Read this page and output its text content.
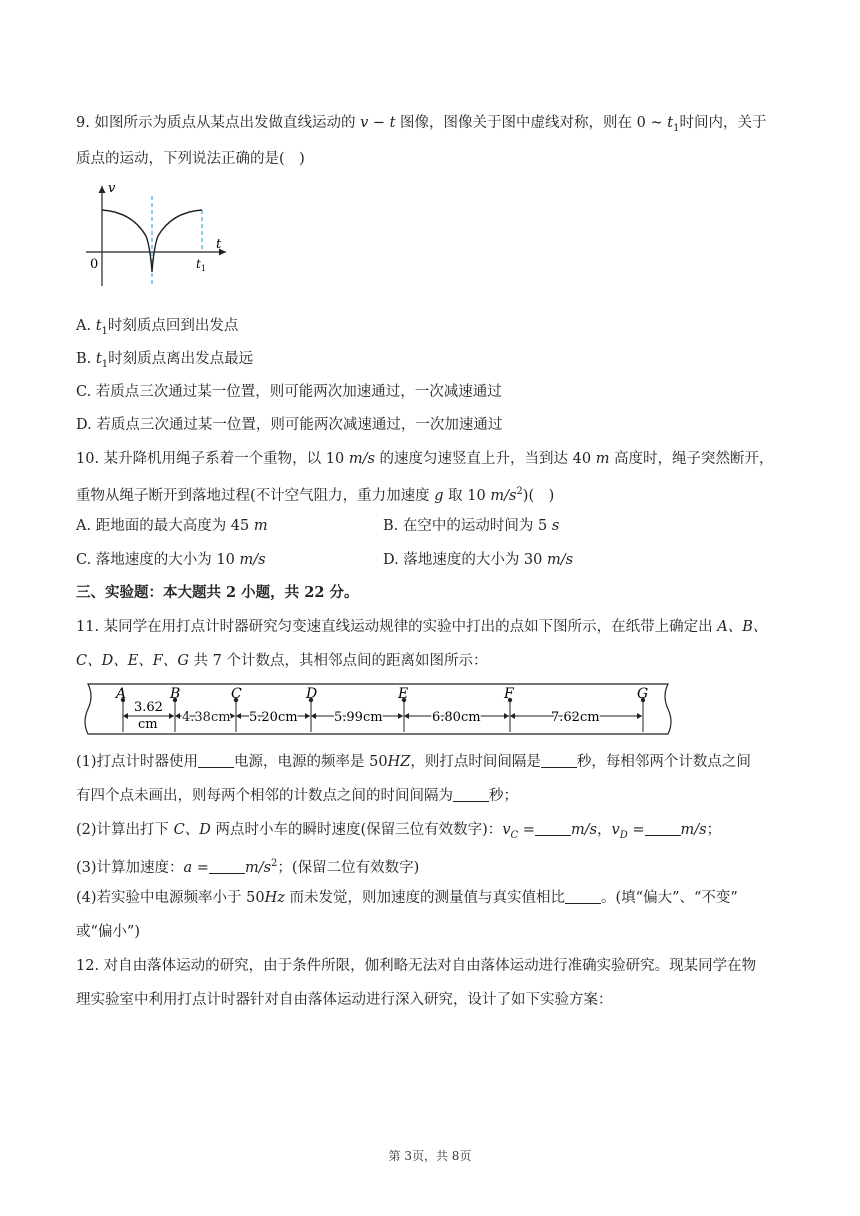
9. 如图所示为质点从某点出发做直线运动的 v − t 图像，图像关于图中虚线对称，则在 0 ~ $t_1$时间内，关于
质点的运动，下列说法正确的是(　)
v
t
0	$t_1$
A. $t_1$时刻质点回到出发点
B. $t_1$时刻质点离出发点最远
C. 若质点三次通过某一位置，则可能两次加速通过，一次减速通过
D. 若质点三次通过某一位置，则可能两次减速通过，一次加速通过
10. 某升降机用绳子系着一个重物，以 10 m/s 的速度匀速竖直上升，当到达 40 m 高度时，绳子突然断开，
重物从绳子断开到落地过程(不计空气阻力，重力加速度 g 取 10 $m/s^2$)(　)
A. 距地面的最大高度为 45 m	B. 在空中的运动时间为 5 s
C. 落地速度的大小为 10 m/s	D. 落地速度的大小为 30 m/s
三、实验题：本大题共 2 小题，共 22 分。
11. 某同学在用打点计时器研究匀变速直线运动规律的实验中打出的点如下图所示，在纸带上确定出 A、B、
C、D、E、F、G 共 7 个计数点，其相邻点间的距离如图所示：
A	B	C	D	E	F	G
3.62
cm 4.38cm 5.20cm	5.99cm	6.80cm	7.62cm
(1)打点计时器使用 电源，电源的频率是 50HZ，则打点时间间隔是 秒，每相邻两个计数点之间
有四个点未画出，则每两个相邻的计数点之间的时间间隔为 秒；
(2)计算出打下 C、D 两点时小车的瞬时速度(保留三位有效数字)：$v_C = m/s$，$v_D = m/s$；
(3)计算加速度：$a = m/s^2$；(保留二位有效数字)
(4)若实验中电源频率小于 50Hz 而未发觉，则加速度的测量值与真实值相比 。(填“偏大”、“不变”
或“偏小”)
12. 对自由落体运动的研究，由于条件所限，伽利略无法对自由落体运动进行准确实验研究。现某同学在物
理实验室中利用打点计时器针对自由落体运动进行深入研究，设计了如下实验方案：
第 3页，共 8页
